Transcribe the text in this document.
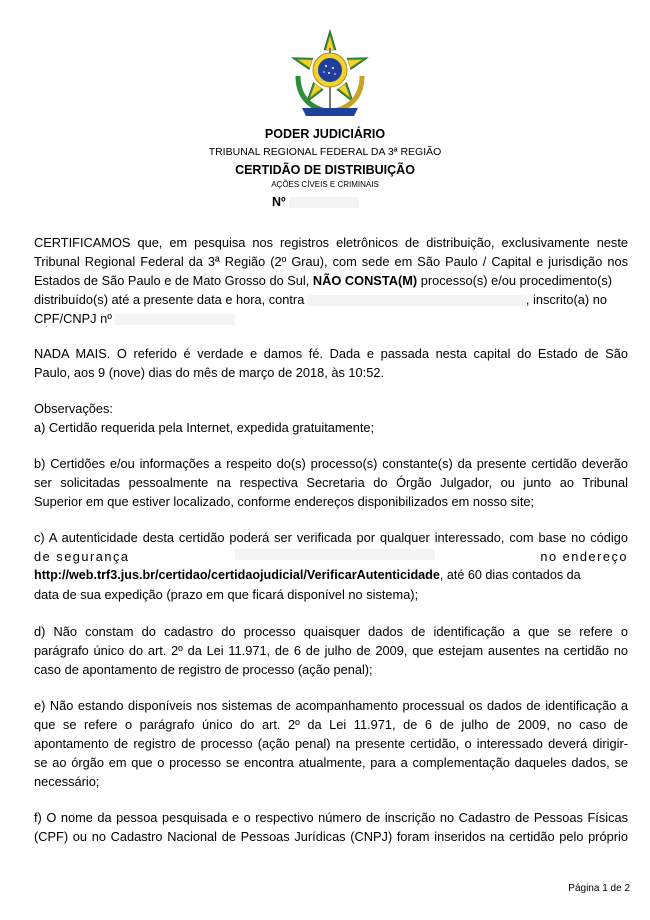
PODER JUDICIÁRIO
TRIBUNAL REGIONAL FEDERAL DA 3ª REGIÃO
CERTIDÃO DE DISTRIBUIÇÃO
AÇÕES CÍVEIS E CRIMINAIS
Nº
CERTIFICAMOS que, em pesquisa nos registros eletrônicos de distribuição, exclusivamente neste
Tribunal Regional Federal da 3ª Região (2º Grau), com sede em São Paulo / Capital e jurisdição nos
Estados de São Paulo e de Mato Grosso do Sul, NÃO CONSTA(M) processo(s) e/ou procedimento(s)
distribuído(s) até a presente data e hora, contra	, inscrito(a) no
CPF/CNPJ nº
NADA MAIS. O referido é verdade e damos fé. Dada e passada nesta capital do Estado de São
Paulo, aos 9 (nove) dias do mês de março de 2018, às 10:52.
Observações:
a) Certidão requerida pela Internet, expedida gratuitamente;
b) Certidões e/ou informações a respeito do(s) processo(s) constante(s) da presente certidão deverão
ser solicitadas pessoalmente na respectiva Secretaria do Órgão Julgador, ou junto ao Tribunal
Superior em que estiver localizado, conforme endereços disponibilizados em nosso site;
c) A autenticidade desta certidão poderá ser verificada por qualquer interessado, com base no código
de segurança	no endereço
http://web.trf3.jus.br/certidao/certidaojudicial/VerificarAutenticidade, até 60 dias contados da
data de sua expedição (prazo em que ficará disponível no sistema);
d) Não constam do cadastro do processo quaisquer dados de identificação a que se refere o
parágrafo único do art. 2º da Lei 11.971, de 6 de julho de 2009, que estejam ausentes na certidão no
caso de apontamento de registro de processo (ação penal);
e) Não estando disponíveis nos sistemas de acompanhamento processual os dados de identificação a
que se refere o parágrafo único do art. 2º da Lei 11.971, de 6 de julho de 2009, no caso de
apontamento de registro de processo (ação penal) na presente certidão, o interessado deverá dirigir-
se ao órgão em que o processo se encontra atualmente, para a complementação daqueles dados, se
necessário;
f) O nome da pessoa pesquisada e o respectivo número de inscrição no Cadastro de Pessoas Físicas
(CPF) ou no Cadastro Nacional de Pessoas Jurídicas (CNPJ) foram inseridos na certidão pelo próprio
Página 1 de 2
